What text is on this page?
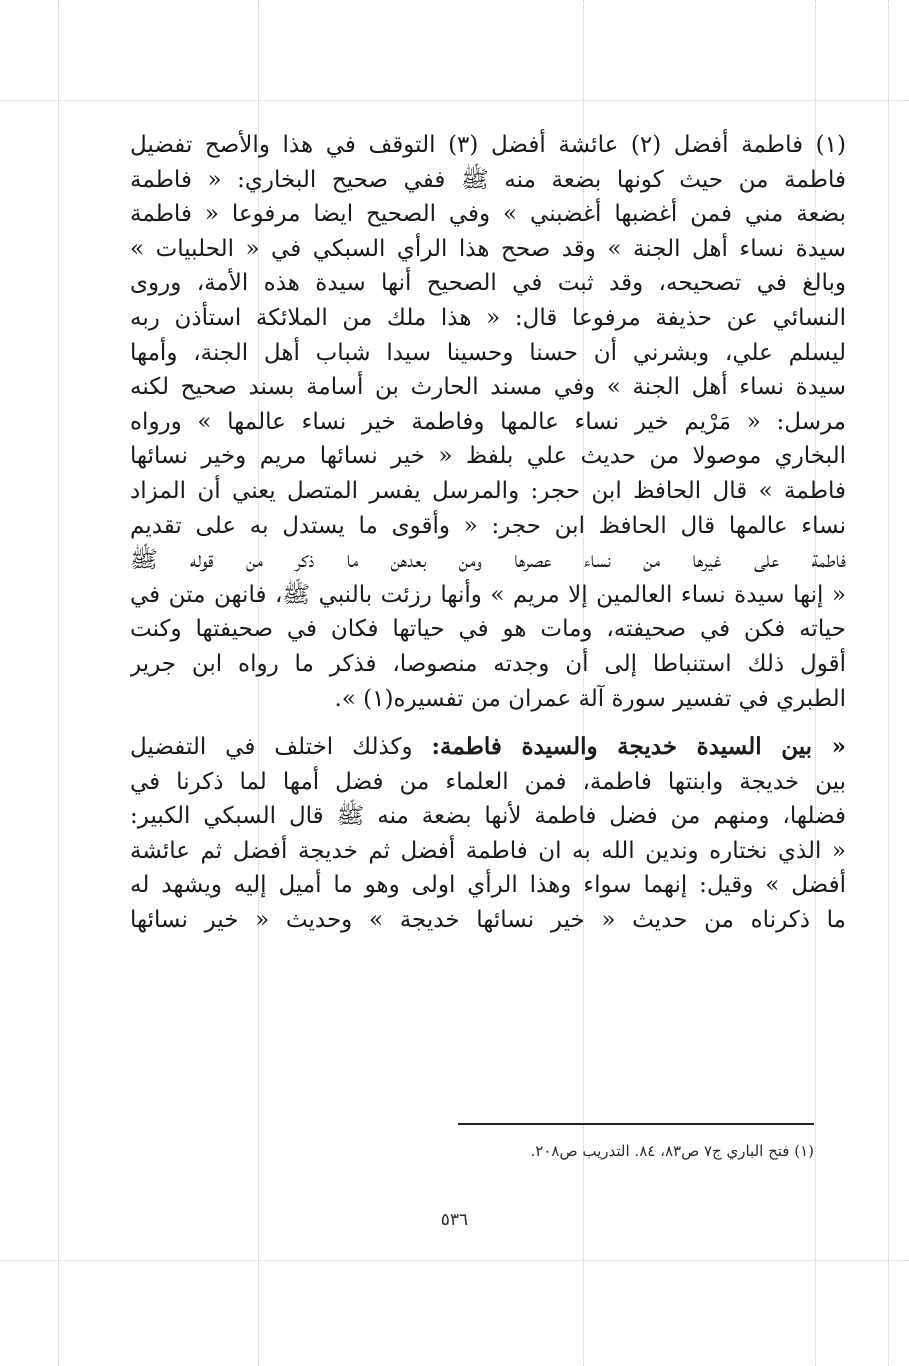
(١) فاطمة أفضل (٢) عائشة أفضل (٣) التوقف في هذا والأصح تفضيل
فاطمة من حيث كونها بضعة منه ﷺ ففي صحيح البخاري: « فاطمة
بضعة مني فمن أغضبها أغضبني » وفي الصحيح ايضا مرفوعا « فاطمة
سيدة نساء أهل الجنة » وقد صحح هذا الرأي السبكي في « الحلبيات »
وبالغ في تصحيحه، وقد ثبت في الصحيح أنها سيدة هذه الأمة، وروى
النسائي عن حذيفة مرفوعا قال: « هذا ملك من الملائكة استأذن ربه
ليسلم علي، وبشرني أن حسنا وحسينا سيدا شباب أهل الجنة، وأمها
سيدة نساء أهل الجنة » وفي مسند الحارث بن أسامة بسند صحيح لكنه
مرسل: « مَرْيم خير نساء عالمها وفاطمة خير نساء عالمها » ورواه
البخاري موصولا من حديث علي بلفظ « خير نسائها مريم وخير نسائها
فاطمة » قال الحافظ ابن حجر: والمرسل يفسر المتصل يعني أن المزاد
نساء عالمها قال الحافظ ابن حجر: « وأقوى ما يستدل به على تقديم
فاطمة على غيرها من نساء عصرها ومن بعدهن ما ذكر من قوله ﷺ
« إنها سيدة نساء العالمين إلا مريم » وأنها رزئت بالنبي ﷺ، فانهن متن في
حياته فكن في صحيفته، ومات هو في حياتها فكان في صحيفتها وكنت
أقول ذلك استنباطا إلى أن وجدته منصوصا، فذكر ما رواه ابن جرير
الطبري في تفسير سورة آلة عمران من تفسيره(١) ».
« بين السيدة خديجة والسيدة فاطمة: وكذلك اختلف في التفضيل
بين خديجة وابنتها فاطمة، فمن العلماء من فضل أمها لما ذكرنا في
فضلها، ومنهم من فضل فاطمة لأنها بضعة منه ﷺ قال السبكي الكبير:
« الذي نختاره وندين الله به ان فاطمة أفضل ثم خديجة أفضل ثم عائشة
أفضل » وقيل: إنهما سواء وهذا الرأي اولى وهو ما أميل إليه ويشهد له
ما ذكرناه من حديث « خير نسائها خديجة » وحديث « خير نسائها
(١) فتح الباري ج٧ ص٨٣، ٨٤. التدريب ص٢٠٨.
٥٣٦
